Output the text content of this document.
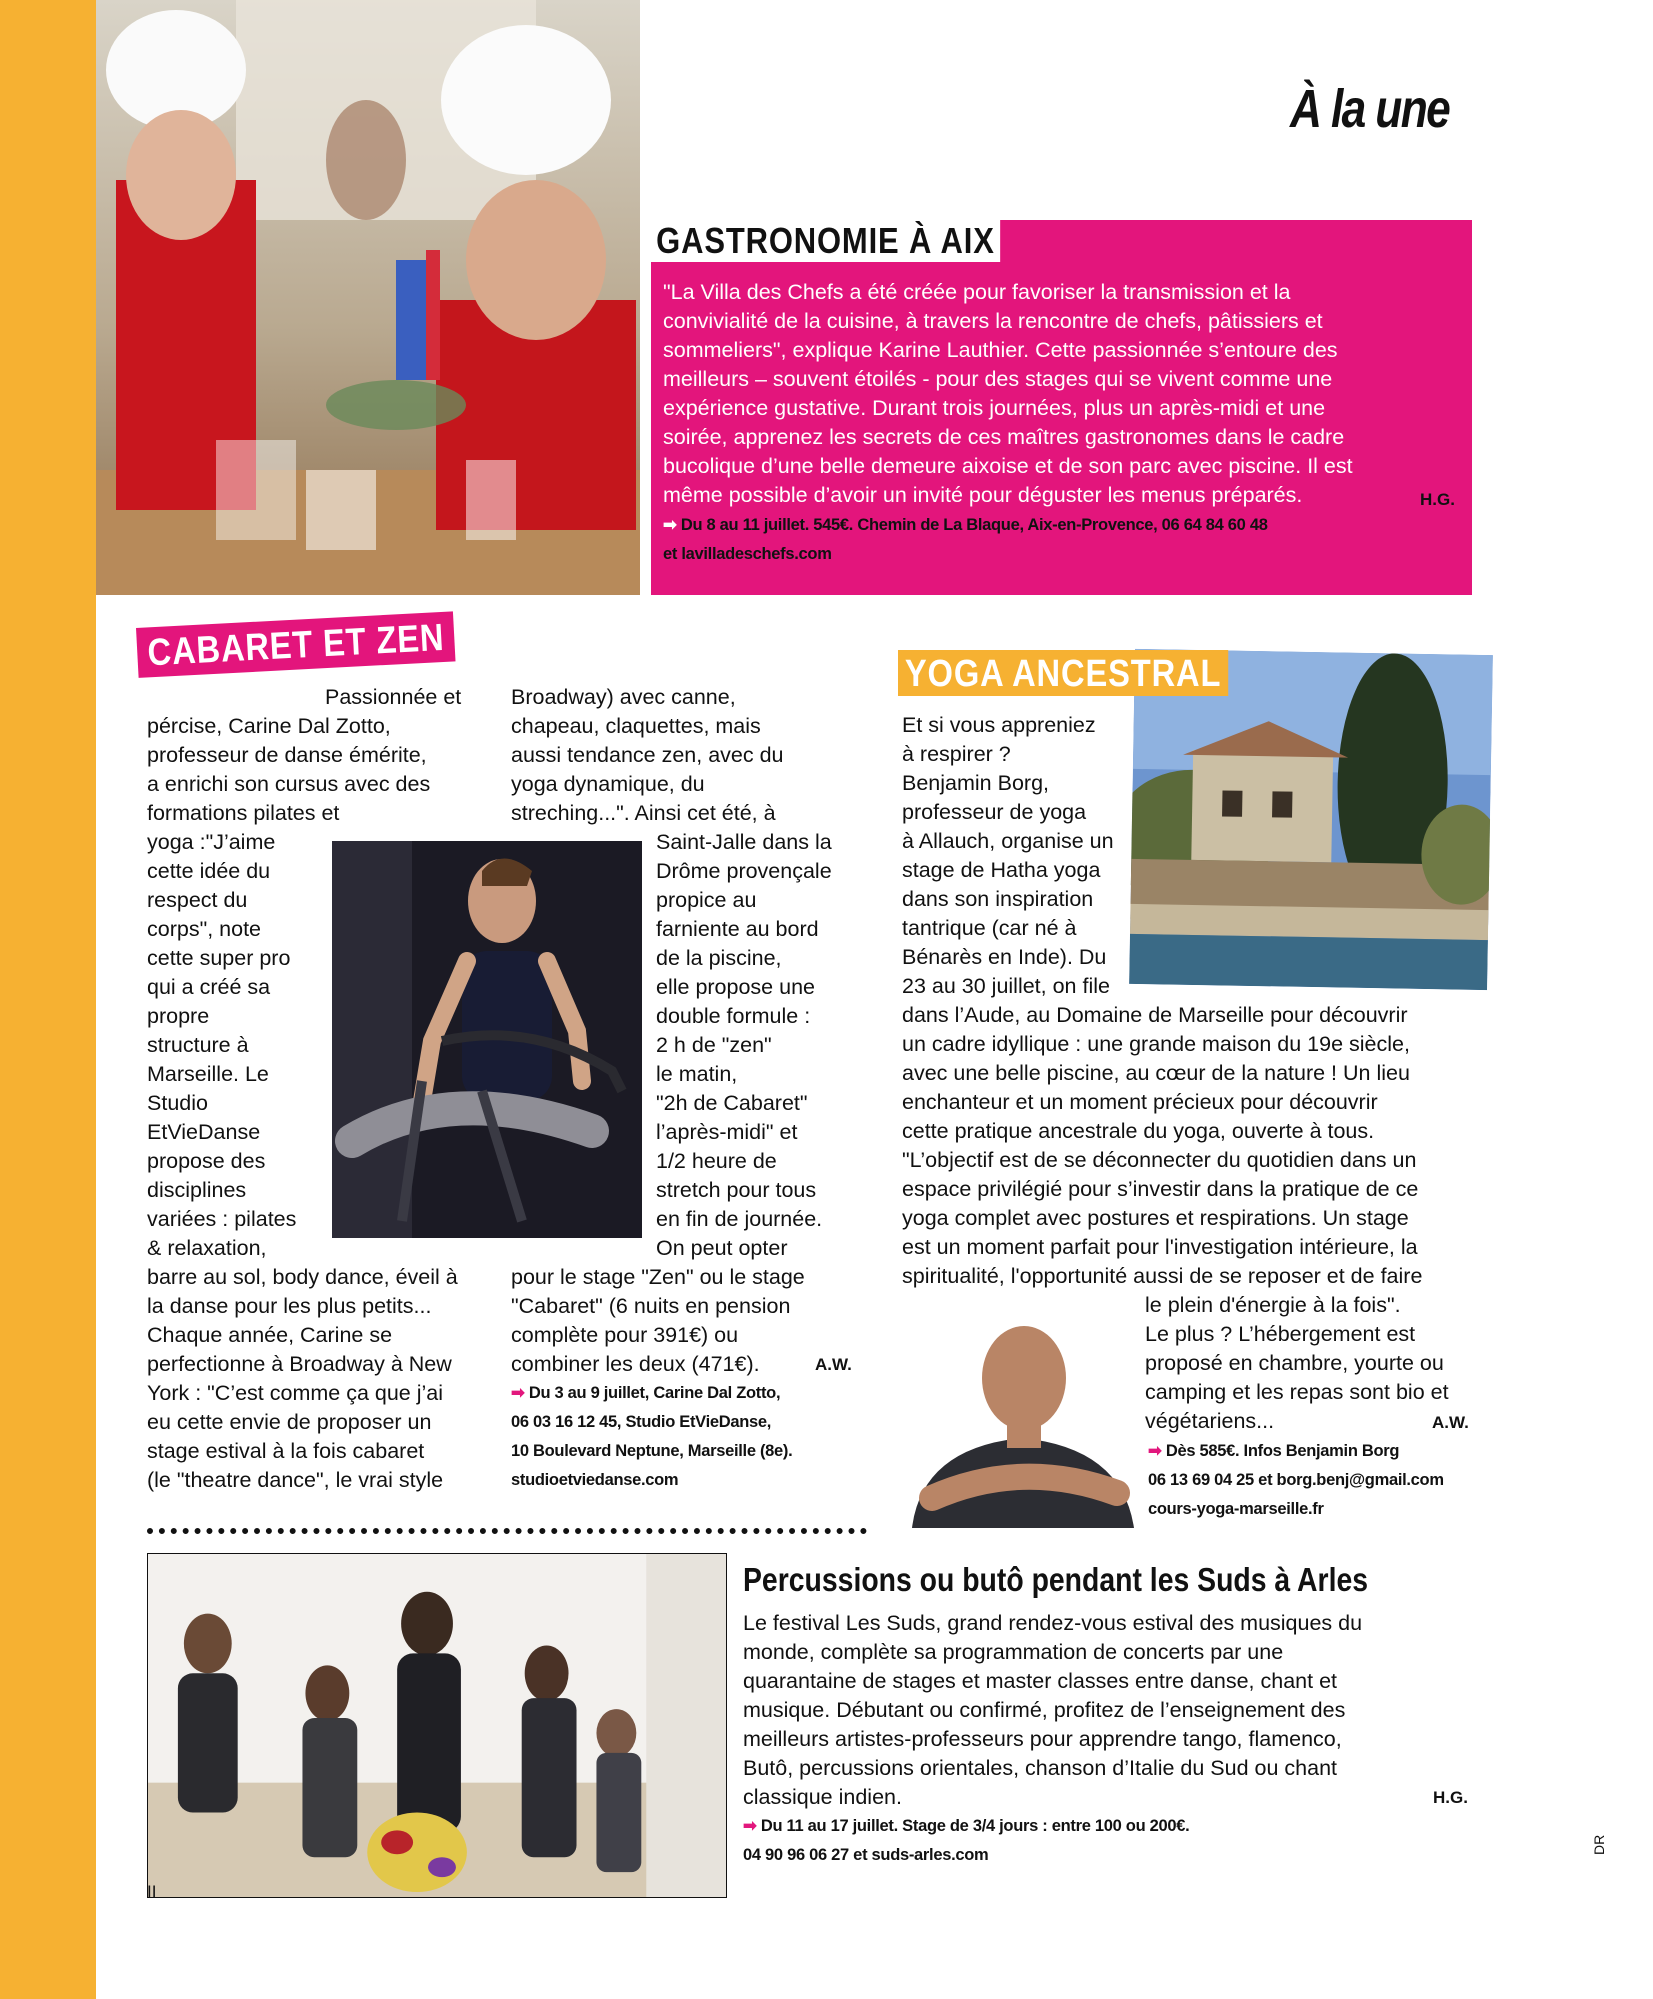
À la une
GASTRONOMIE À AIX
"La Villa des Chefs a été créée pour favoriser la transmission et la
convivialité de la cuisine, à travers la rencontre de chefs, pâtissiers et
sommeliers", explique Karine Lauthier. Cette passionnée s’entoure des
meilleurs – souvent étoilés - pour des stages qui se vivent comme une
expérience gustative. Durant trois journées, plus un après-midi et une
soirée, apprenez les secrets de ces maîtres gastronomes dans le cadre
bucolique d’une belle demeure aixoise et de son parc avec piscine. Il est
même possible d’avoir un invité pour déguster les menus préparés.	H.G.
➡ Du 8 au 11 juillet. 545€. Chemin de La Blaque, Aix-en-Provence, 06 64 84 60 48
et lavilladeschefs.com
CABARET ET ZEN
Passionnée et
pércise, Carine Dal Zotto,
professeur de danse émérite,
a enrichi son cursus avec des
formations pilates et
yoga :"J’aime
cette idée du
respect du
corps", note
cette super pro
qui a créé sa
propre
structure à
Marseille. Le
Studio
EtVieDanse
propose des
disciplines
variées : pilates
& relaxation,
barre au sol, body dance, éveil à
la danse pour les plus petits...
Chaque année, Carine se
perfectionne à Broadway à New
York : "C’est comme ça que j’ai
eu cette envie de proposer un
stage estival à la fois cabaret
(le "theatre dance", le vrai style
Broadway) avec canne,
chapeau, claquettes, mais
aussi tendance zen, avec du
yoga dynamique, du
streching...". Ainsi cet été, à
Saint-Jalle dans la
Drôme provençale
propice au
farniente au bord
de la piscine,
elle propose une
double formule :
2 h de "zen"
le matin,
"2h de Cabaret"
l’après-midi" et
1/2 heure de
stretch pour tous
en fin de journée.
On peut opter
pour le stage "Zen" ou le stage
"Cabaret" (6 nuits en pension
complète pour 391€) ou
combiner les deux (471€).	A.W.
➡ Du 3 au 9 juillet, Carine Dal Zotto,
06 03 16 12 45, Studio EtVieDanse,
10 Boulevard Neptune, Marseille (8e).
studioetviedanse.com
YOGA ANCESTRAL
Et si vous appreniez
à respirer ?
Benjamin Borg,
professeur de yoga
à Allauch, organise un
stage de Hatha yoga
dans son inspiration
tantrique (car né à
Bénarès en Inde). Du
23 au 30 juillet, on file
dans l’Aude, au Domaine de Marseille pour découvrir
un cadre idyllique : une grande maison du 19e siècle,
avec une belle piscine, au cœur de la nature ! Un lieu
enchanteur et un moment précieux pour découvrir
cette pratique ancestrale du yoga, ouverte à tous.
"L’objectif est de se déconnecter du quotidien dans un
espace privilégié pour s’investir dans la pratique de ce
yoga complet avec postures et respirations. Un stage
est un moment parfait pour l'investigation intérieure, la
spiritualité, l'opportunité aussi de se reposer et de faire
le plein d'énergie à la fois".
Le plus ? L’hébergement est
proposé en chambre, yourte ou
camping et les repas sont bio et
végétariens...	A.W.
➡ Dès 585€. Infos Benjamin Borg
06 13 69 04 25 et borg.benj@gmail.com
cours-yoga-marseille.fr
Percussions ou butô pendant les Suds à Arles
Le festival Les Suds, grand rendez-vous estival des musiques du
monde, complète sa programmation de concerts par une
quarantaine de stages et master classes entre danse, chant et
musique. Débutant ou confirmé, profitez de l’enseignement des
meilleurs artistes-professeurs pour apprendre tango, flamenco,
Butô, percussions orientales, chanson d’Italie du Sud ou chant
classique indien.	H.G.
➡ Du 11 au 17 juillet. Stage de 3/4 jours : entre 100 ou 200€.
04 90 96 06 27 et suds-arles.com
II
DR
